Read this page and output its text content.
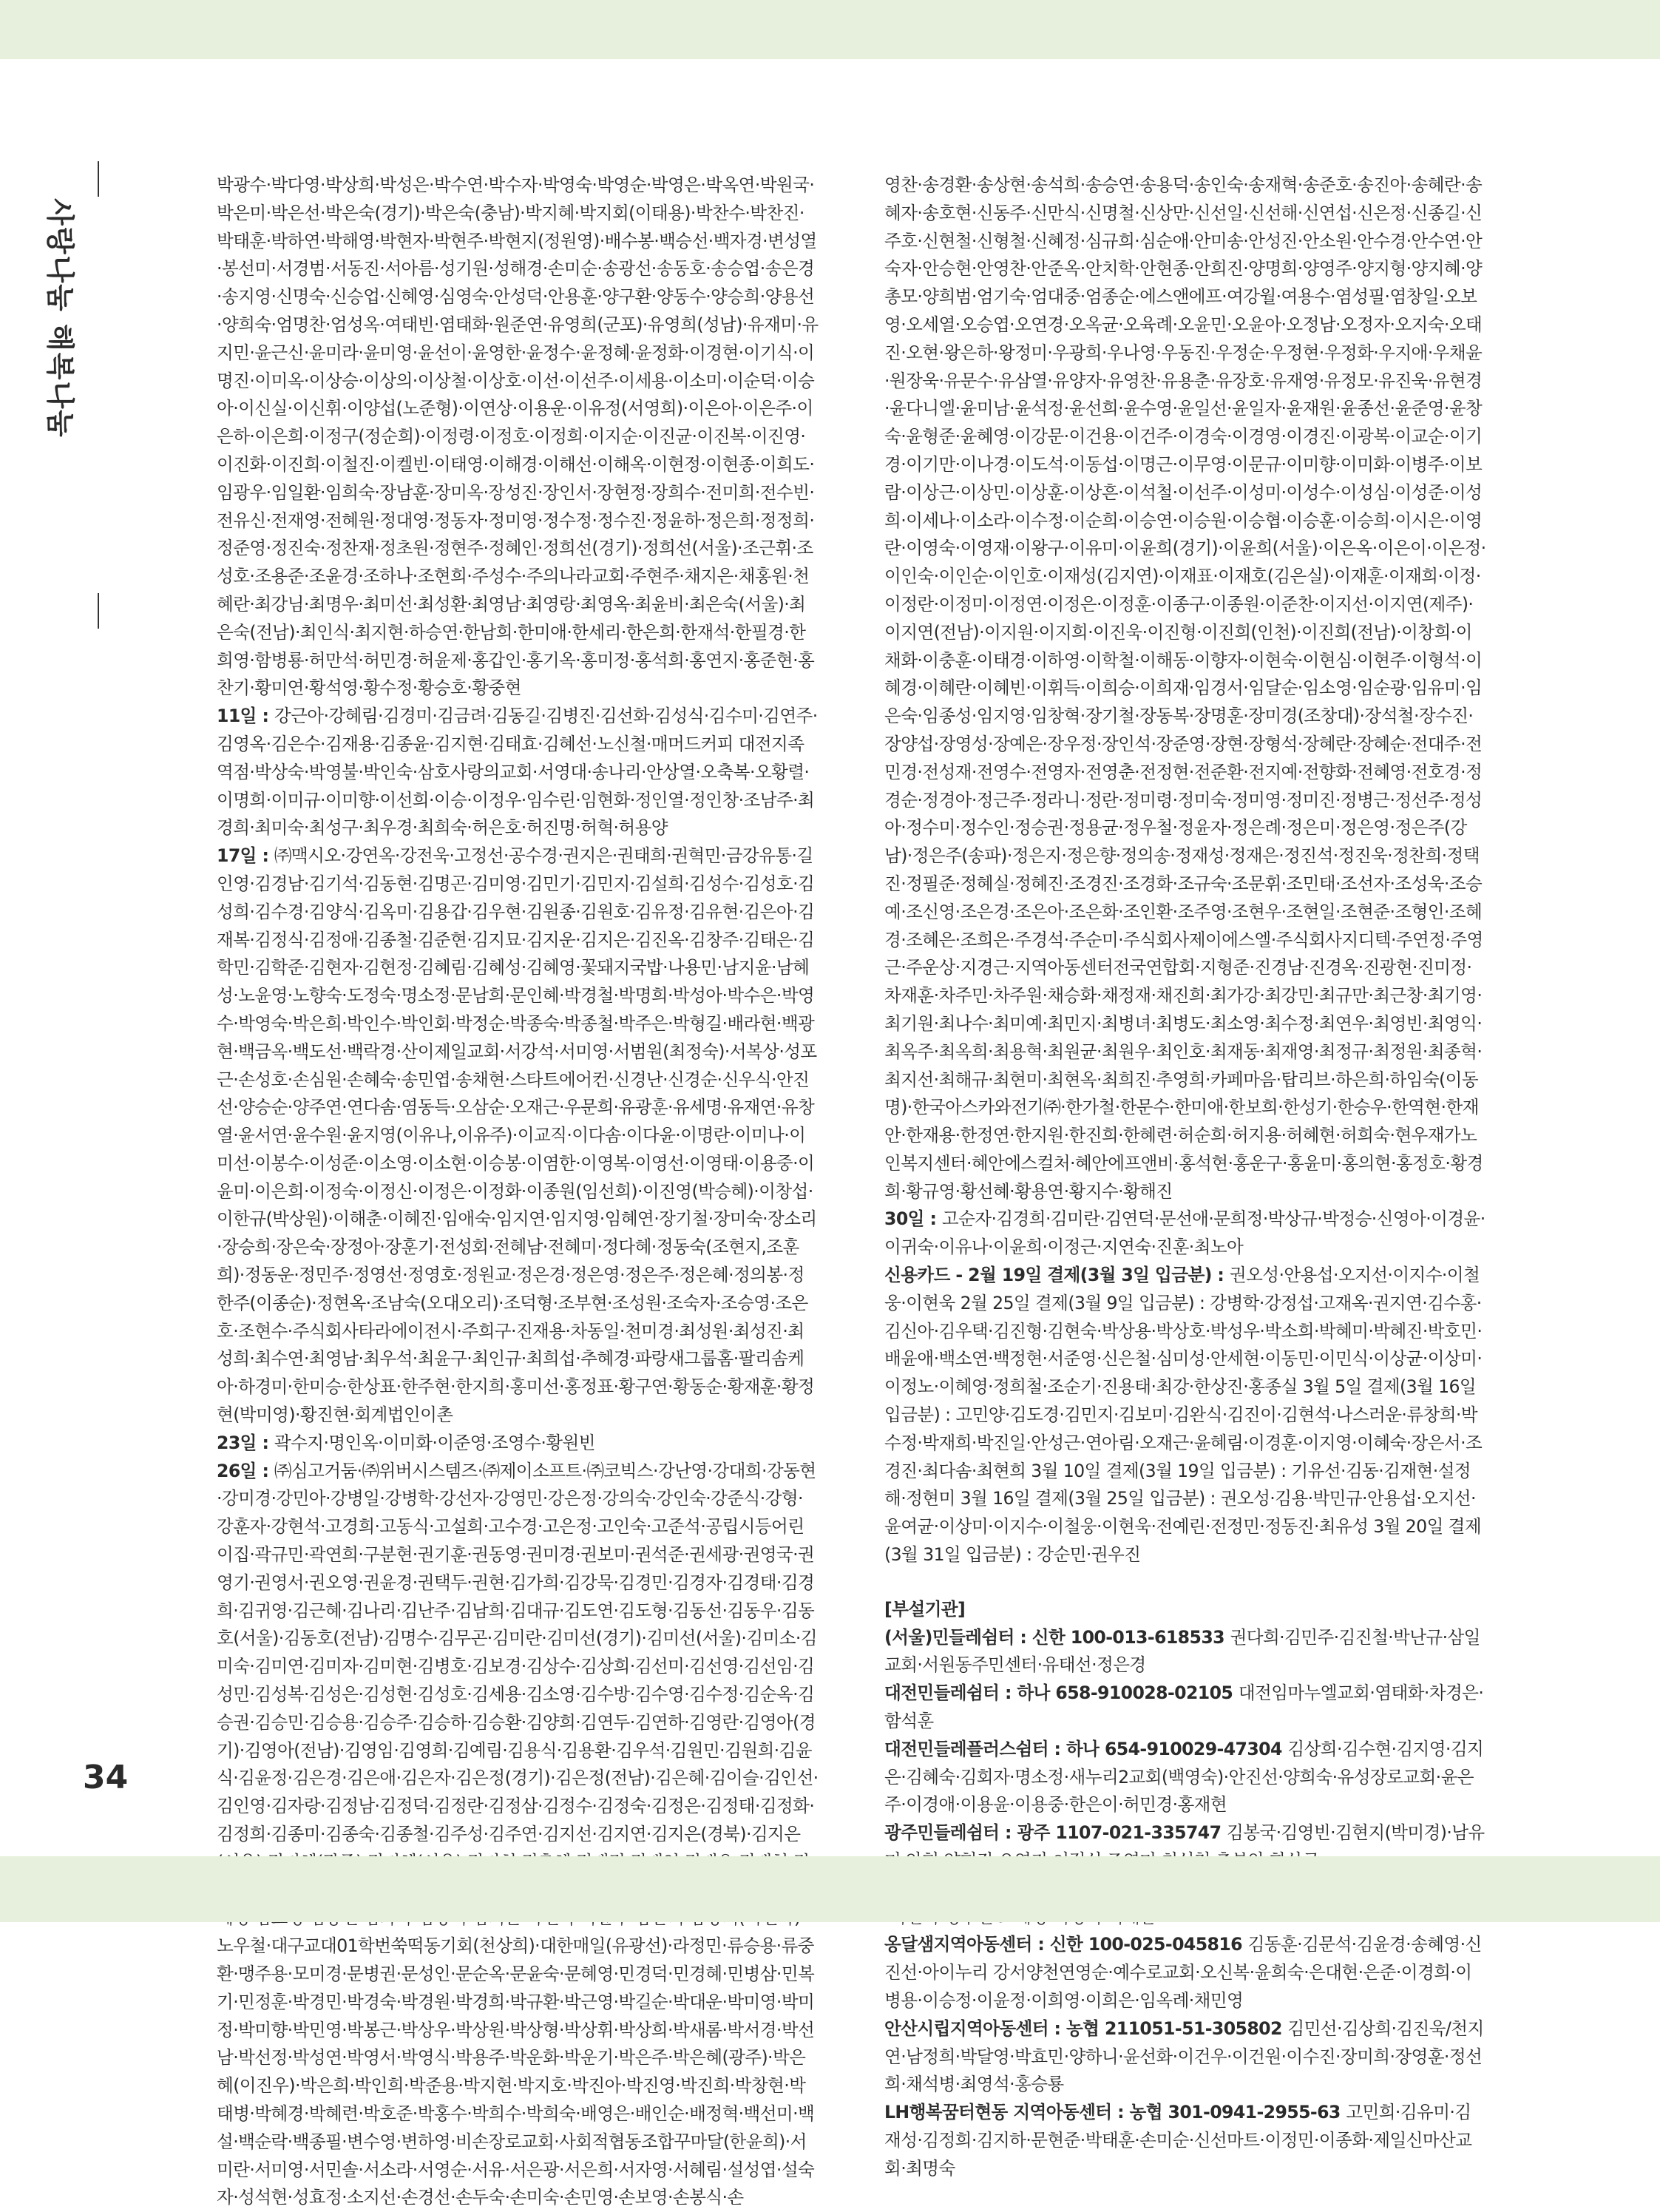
사랑나눔 해복나눔

박광수·박다영·박상희·박성은·박수연·박수자·박영숙·박영순·박영은·박옥연·박원국·박은미·박은선·박은숙(경기)·박은숙(충남)·박지혜·박지회(이태용)·박찬수·박찬진·박태훈·박하연·박해영·박현자·박현주·박현지(정원영)·배수봉·백승선·백자경·변성열·봉선미·서경범·서동진·서아름·성기원·성해경·손미순·송광선·송동호·송승엽·송은경·송지영·신명숙·신승업·신혜영·심영숙·안성덕·안용훈·양구환·양동수·양승희·양용선·양희숙·엄명찬·엄성옥·여태빈·염태화·원준연·유영희(군포)·유영희(성남)·유재미·유지민·윤근신·윤미라·윤미영·윤선이·윤영한·윤정수·윤정혜·윤정화·이경현·이기식·이명진·이미옥·이상승·이상의·이상철·이상호·이선·이선주·이세용·이소미·이순덕·이승아·이신실·이신휘·이양섭(노준형)·이연상·이용운·이유정(서영희)·이은아·이은주·이은하·이은희·이정구(정순희)·이정령·이정호·이정희·이지순·이진균·이진복·이진영·이진화·이진희·이철진·이켈빈·이태영·이해경·이해선·이해옥·이현정·이현종·이희도·임광우·임일환·임희숙·장남훈·장미옥·장성진·장인서·장현정·장희수·전미희·전수빈·전유신·전재영·전혜원·정대영·정동자·정미영·정수정·정수진·정윤하·정은희·정정희·정준영·정진숙·정찬재·정초원·정현주·정혜인·정희선(경기)·정희선(서울)·조근휘·조성호·조용준·조윤경·조하나·조현희·주성수·주의나라교회·주현주·채지은·채홍원·천혜란·최강님·최명우·최미선·최성환·최영남·최영랑·최영옥·최윤비·최은숙(서울)·최은숙(전남)·최인식·최지현·하승연·한남희·한미애·한세리·한은희·한재석·한필경·한희영·함병룡·허만석·허민경·허윤제·홍갑인·홍기옥·홍미정·홍석희·홍연지·홍준현·홍찬기·황미연·황석영·황수정·황승호·황중현

11일 : 강근아·강혜림·김경미·김금려·김동길·김병진·김선화·김성식·김수미·김연주·김영옥·김은수·김재용·김종윤·김지현·김태효·김혜선·노신철·매머드커피 대전지족역점·박상숙·박영불·박인숙·삼호사랑의교회·서영대·송나리·안상열·오축복·오황렬·이명희·이미규·이미향·이선희·이승·이정우·임수린·임현화·정인열·정인창·조남주·최경희·최미숙·최성구·최우경·최희숙·허은호·허진명·허혁·허용양

17일 : ㈜맥시오·강연옥·강전욱·고정선·공수경·권지은·권태희·권혁민·금강유통·길인영·김경남·김기석·김동현·김명곤·김미영·김민기·김민지·김설희·김성수·김성호·김성희·김수경·김양식·김옥미·김용갑·김우현·김원종·김원호·김유정·김유현·김은아·김재복·김정식·김정애·김종철·김준현·김지묘·김지운·김지은·김진옥·김창주·김태은·김학민·김학준·김현자·김현정·김혜림·김혜성·김혜영·꽃돼지국밥·나용민·남지윤·남혜성·노윤영·노향숙·도정숙·명소정·문남희·문인혜·박경철·박명희·박성아·박수은·박영수·박영숙·박은희·박인수·박인회·박정순·박종숙·박종철·박주은·박형길·배라현·백광현·백금옥·백도선·백락경·산이제일교회·서강석·서미영·서범원(최정숙)·서복상·성포근·손성호·손심원·손혜숙·송민엽·송채현·스타트에어컨·신경난·신경순·신우식·안진선·양승순·양주연·연다솜·염동득·오삼순·오재근·우문희·유광훈·유세명·유재연·유창열·윤서연·윤수원·윤지영(이유나,이유주)·이교직·이다솜·이다윤·이명란·이미나·이미선·이봉수·이성준·이소영·이소현·이승봉·이염한·이영복·이영선·이영태·이용중·이윤미·이은희·이정숙·이정신·이정은·이정화·이종원(임선희)·이진영(박승혜)·이창섭·이한규(박상원)·이해춘·이혜진·임애숙·임지연·임지영·임혜연·장기철·장미숙·장소리·장승희·장은숙·장정아·장훈기·전성회·전혜남·전혜미·정다혜·정동숙(조현지,조훈희)·정동운·정민주·정영선·정영호·정원교·정은경·정은영·정은주·정은혜·정의봉·정한주(이종순)·정현옥·조남숙(오대오리)·조덕형·조부현·조성원·조숙자·조승영·조은호·조현수·주식회사타라에이전시·주희구·진재용·차동일·천미경·최성원·최성진·최성희·최수연·최영남·최우석·최윤구·최인규·최희섭·추혜경·파랑새그룹홈·팔리솜케아·하경미·한미승·한상표·한주현·한지희·홍미선·홍정표·황구연·황동순·황재훈·황정현(박미영)·황진현·회계법인이촌

23일 : 곽수지·명인옥·이미화·이준영·조영수·황원빈

26일 : ㈜심고거둠·㈜위버시스템즈·㈜제이소프트·㈜코빅스·강난영·강대희·강동현·강미경·강민아·강병일·강병학·강선자·강영민·강은정·강의숙·강인숙·강준식·강형·강훈자·강현석·고경희·고동식·고설희·고수경·고은정·고인숙·고준석·공립시등어린이집·곽규민·곽연희·구분현·권기훈·권동영·권미경·권보미·권석준·권세광·권영국·권영기·권영서·권오영·권윤경·권택두·권현·김가희·김강묵·김경민·김경자·김경태·김경희·김귀영·김근혜·김나리·김난주·김남희·김대규·김도연·김도형·김동선·김동우·김동호(서울)·김동호(전남)·김명수·김무곤·김미란·김미선(경기)·김미선(서울)·김미소·김미숙·김미연·김미자·김미현·김병호·김보경·김상수·김상희·김선미·김선영·김선임·김성민·김성복·김성은·김성현·김성호·김세용·김소영·김수방·김수영·김수정·김순옥·김승권·김승민·김승용·김승주·김승하·김승환·김양희·김연두·김연하·김영란·김영아(경기)·김영아(전남)·김영임·김영희·김예림·김용식·김용환·김우석·김원민·김원희·김윤식·김윤정·김은경·김은애·김은자·김은정(경기)·김은정(전남)·김은혜·김이슬·김인선·김인영·김자랑·김정남·김정덕·김정란·김정삼·김정수·김정숙·김정은·김정태·김정화·김정희·김종미·김종숙·김종철·김주성·김주연·김지선·김지연·김지은(경북)·김지은 노우철·대구교대01학번쑥떡동기회(천상희)·대한매일(유광선)·라정민·류승용·류중환·맹주용·모미경·문병권·문성인·문순옥·문윤숙·문혜영·민경덕·민경혜·민병삼·민복기·민정훈·박경민·박경숙·박경원·박경희·박규환·박근영·박길순·박대운·박미영·박미정·박미향·박민영·박봉근·박상우·박상원·박상형·박상휘·박상희·박새롬·박서경·박선남·박선정·박성연·박영서·박영식·박용주·박운화·박운기·박은주·박은혜(광주)·박은혜(이진우)·박은희·박인희·박준용·박지현·박지호·박진아·박진영·박진희·박창현·박태병·박혜경·박혜련·박호준·박홍수·박희수·박희숙·배영은·배인순·배정혁·백선미·백설·백순락·백종필·변수영·변하영·비손장로교회·사회적협동조합꾸마달(한윤희)·서미란·서미영·서민솔·서소라·서영순·서유·서은광·서은희·서자영·서혜림·설성엽·설숙자·성석현·성효정·소지선·손경선·손두숙·손미숙·손민영·손보영·손봉식·손

영찬·송경환·송상현·송석희·송승연·송용덕·송인숙·송재혁·송준호·송진아·송혜란·송혜자·송호현·신동주·신만식·신명철·신상만·신선일·신선해·신연섭·신은정·신종길·신주호·신현철·신형철·신혜정·심규희·심순애·안미송·안성진·안소원·안수경·안수연·안숙자·안승현·안영찬·안준옥·안치학·안현종·안희진·양명희·양영주·양지형·양지혜·양총모·양희범·엄기숙·엄대중·엄종순·에스앤에프·여강월·여용수·염성필·염창일·오보영·오세열·오승엽·오연경·오옥균·오육례·오윤민·오윤아·오정남·오정자·오지숙·오태진·오현·왕은하·왕정미·우광희·우나영·우동진·우정순·우정현·우정화·우지애·우채윤·원장욱·유문수·유삼열·유양자·유영찬·유용춘·유장호·유재영·유정모·유진욱·유현경·윤다니엘·윤미남·윤석정·윤선희·윤수영·윤일선·윤일자·윤재원·윤종선·윤준영·윤창숙·윤형준·윤혜영·이강문·이건용·이건주·이경숙·이경영·이경진·이광복·이교순·이기경·이기만·이나경·이도석·이동섭·이명근·이무영·이문규·이미향·이미화·이병주·이보람·이상근·이상민·이상훈·이상흔·이석철·이선주·이성미·이성수·이성심·이성준·이성희·이세나·이소라·이수정·이순희·이승연·이승원·이승협·이승훈·이승희·이시은·이영란·이영숙·이영재·이왕구·이유미·이윤희(경기)·이윤희(서울)·이은옥·이은이·이은정·이인숙·이인순·이인호·이재성(김지연)·이재표·이재호(김은실)·이재훈·이재희·이정·이정란·이정미·이정연·이정은·이정훈·이종구·이종원·이준찬·이지선·이지연(제주)·이지연(전남)·이지원·이지희·이진욱·이진형·이진희(인천)·이진희(전남)·이창희·이채화·이충훈·이태경·이하영·이학철·이해동·이향자·이현숙·이현심·이현주·이형석·이혜경·이혜란·이혜빈·이휘득·이희승·이희재·임경서·임달순·임소영·임순광·임유미·임은숙·임종성·임지영·임창혁·장기철·장동복·장명훈·장미경(조창대)·장석철·장수진·장양섭·장영성·장예은·장우정·장인석·장준영·장현·장형석·장혜란·장혜순·전대주·전민경·전성재·전영수·전영자·전영춘·전정현·전준환·전지예·전향화·전혜영·전호경·정경순·정경아·정근주·정라니·정란·정미령·정미숙·정미영·정미진·정병근·정선주·정성아·정수미·정수인·정승권·정용균·정우철·정윤자·정은례·정은미·정은영·정은주(강남)·정은주(송파)·정은지·정은향·정의송·정재성·정재은·정진석·정진욱·정찬희·정택진·정필준·정혜실·정혜진·조경진·조경화·조규숙·조문휘·조민태·조선자·조성욱·조승예·조신영·조은경·조은아·조은화·조인환·조주영·조현우·조현일·조현준·조형인·조혜경·조혜은·조희은·주경석·주순미·주식회사제이에스엘·주식회사지디텍·주연정·주영근·주운상·지경근·지역아동센터전국연합회·지형준·진경남·진경옥·진광현·진미정·차재훈·차주민·차주원·채승화·채정재·채진희·최가강·최강민·최규만·최근창·최기영·최기원·최나수·최미예·최민지·최병녀·최병도·최소영·최수정·최연우·최영빈·최영익·최옥주·최옥희·최용혁·최원균·최원우·최인호·최재동·최재영·최정규·최정원·최종혁·최지선·최해규·최현미·최현옥·최희진·추영희·카페마음·탑리브·하은희·하임숙(이동명)·한국아스카와전기㈜·한가철·한문수·한미애·한보희·한성기·한승우·한역현·한재안·한재용·한정연·한지원·한진희·한혜련·허순희·허지용·허혜현·허희숙·현우재가노인복지센터·혜안에스컬처·혜안에프앤비·홍석현·홍운구·홍윤미·홍의현·홍정호·황경희·황규영·황선혜·황용연·황지수·황해진

30일 : 고순자·김경희·김미란·김연덕·문선애·문희정·박상규·박정승·신영아·이경윤·이귀숙·이유나·이윤희·이정근·지연숙·진훈·최노아

신용카드 - 2월 19일 결제(3월 3일 입금분) : 권오성·안용섭·오지선·이지수·이철웅·이현욱 2월 25일 결제(3월 9일 입금분) : 강병학·강정섭·고재옥·권지연·김수홍·김신아·김우택·김진형·김현숙·박상용·박상호·박성우·박소희·박혜미·박혜진·박호민·배윤애·백소연·백정현·서준영·신은철·심미성·안세현·이동민·이민식·이상균·이상미·이정노·이혜영·정희철·조순기·진용태·최강·한상진·홍종실 3월 5일 결제(3월 16일 입금분) : 고민양·김도경·김민지·김보미·김완식·김진이·김현석·나스러운·류창희·박수정·박재희·박진일·안성근·연아림·오재근·윤혜림·이경훈·이지영·이혜숙·장은서·조경진·최다솜·최현희 3월 10일 결제(3월 19일 입금분) : 기유선·김동·김재현·설정해·정현미 3월 16일 결제(3월 25일 입금분) : 권오성·김용·박민규·안용섭·오지선·윤여균·이상미·이지수·이철웅·이현욱·전예린·전정민·정동진·최유성 3월 20일 결제(3월 31일 입금분) : 강순민·권우진

[부설기관]

(서울)민들레쉼터 : 신한 100-013-618533 권다희·김민주·김진철·박난규·삼일교회·서원동주민센터·유태선·정은경

대전민들레쉼터 : 하나 658-910028-02105 대전임마누엘교회·염태화·차경은·함석훈

대전민들레플러스쉼터 : 하나 654-910029-47304 김상희·김수현·김지영·김지은·김혜숙·김회자·명소정·새누리2교회(백영숙)·안진선·양희숙·유성장로교회·윤은주·이경애·이용윤·이용중·한은이·허민경·홍재현

광주민들레쉼터 : 광주 1107-021-335747 김봉국·김영빈·김현지(박미경)·남유

옹달샘지역아동센터 : 신한 100-025-045816 김동훈·김문석·김윤경·송혜영·신진선·아이누리 강서양천연영순·예수로교회·오신복·윤희숙·은대현·은준·이경희·이병용·이승정·이윤정·이희영·이희은·임옥례·채민영

안산시립지역아동센터 : 농협 211051-51-305802 김민선·김상희·김진욱/천지연·남정희·박달영·박효민·양하니·윤선화·이건우·이건원·이수진·장미희·장영훈·정선희·채석병·최영석·홍승룡

LH행복꿈터현동 지역아동센터 : 농협 301-0941-2955-63 고민희·김유미·김재성·김정희·김지하·문현준·박태훈·손미순·신선마트·이정민·이종화·제일신마산교회·최명숙

34
